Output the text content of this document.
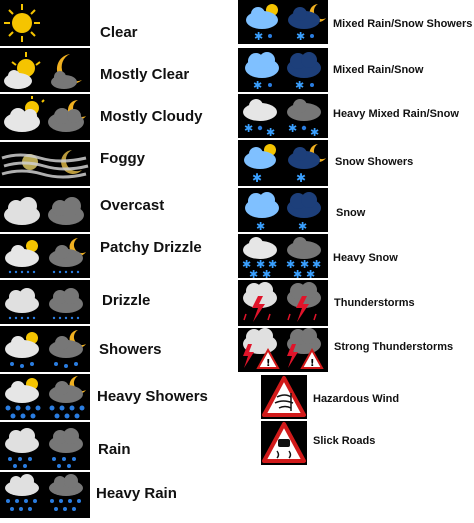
Clear
Mostly Clear
Mostly Cloudy
Foggy
Overcast
Patchy Drizzle
Drizzle
Showers
Heavy Showers
Rain
Heavy Rain
✱	✱
Mixed Rain/Snow Showers
✱	✱
Mixed Rain/Snow
✱ ✱ ✱ ✱
Heavy Mixed Rain/Snow
✱	✱
Snow Showers
✱	✱
Snow
✱ ✱ ✱
✱ ✱
✱ ✱ ✱
✱ ✱
Heavy Snow
Thunderstorms
!	!
Strong Thunderstorms
Hazardous Wind
Slick Roads
